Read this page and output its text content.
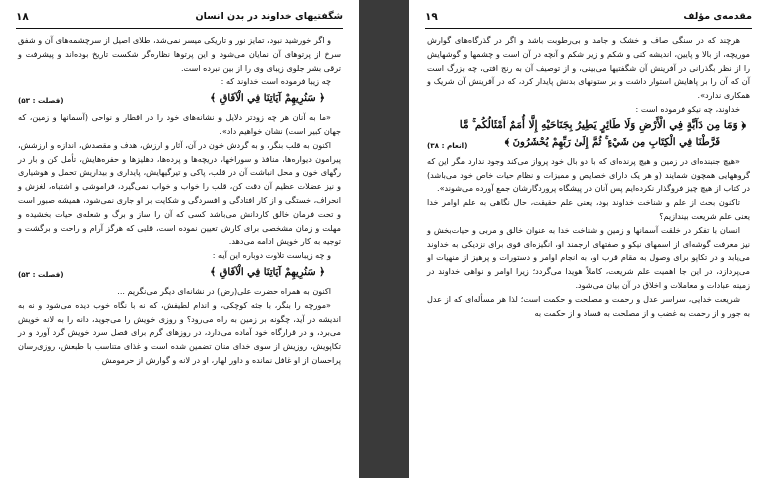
شگفتیهای خداوند در بدن انسان
۱۸

و اگر خورشید نبود، تمایز نور و تاریکی میسر نمی‌شد، طلای اصیل از سرچشمه‌های آن و شفق سرخ از پرتوهای آن نمایان می‌شود و این پرتوها نظاره‌گر شکست تاریخ بوده‌اند و پیشرفت و ترقی بشر جلوی زیبای وی را از بین نبرده است.

چه زیبا فرموده است خداوند که :

﴿ سَنُرِيهِمْ آيَاتِنَا فِي الْآفَاقِ ﴾
(فصلت : ۵۳)

«ما به آنان هر چه زودتر دلایل و نشانه‌های خود را در اقطار و نواحی (آسمانها و زمین، که جهان کبیر است) نشان خواهیم داد».

اکنون به قلب بنگر، و به گردش خون در آن، آثار و ارزش، هدف و مقصدش، اندازه و ارزشش، پیرامون دیواره‌ها، منافذ و سوراخها، دریچه‌ها و پرده‌ها، دهلیزها و حفره‌هایش، تأمل کن و بار در رگهای خون و محل انباشت آن در قلب، پاکی و تیرگیهایش، پایداری و بیداریش تحمل و هوشیاری و نیز عضلات عظیم آن دقت کن، قلب را خواب و خواب نمی‌گیرد، فراموشی و اشتباه، لغزش و انحراف، خستگی و از کار افتادگی و افسردگی و شکایت بر او جاری نمی‌شود، همیشه صبور است و تحت فرمان خالق کاردانش می‌باشد کسی که آن را ساز و برگ و شعله‌ی حیات بخشیده و مهلت و زمان مشخصی برای کارش تعیین نموده است، قلبی که هرگز آرام و راحت و برگشت و توجیه به کار خویش ادامه می‌دهد.

و چه زیباست تلاوت دوباره این آیه :

﴿ سَنُرِيهِمْ آيَاتِنَا فِي الْآفَاقِ ﴾
(فصلت : ۵۳)

اکنون به همراه حضرت علی(رض) در نشانه‌ای دیگر می‌نگریم ...

«مورچه را بنگر، با جثه کوچکی، و اندام لطیفش، که نه با نگاه خوب دیده می‌شود و نه به اندیشه در آید، چگونه بر زمین به راه می‌رود؟ و روزی خویش را می‌جوید، دانه را به لانه خویش می‌برد، و در قرارگاه خود آماده می‌دارد، در روزهای گرم برای فصل سرد خویش گرد آورد و در تکاپویش، روزیش از سوی خدای منان تضمین شده است و غذای متناسب با طبعش، روزی‌رسان پراحسان از او غافل نمانده و داور لهار، او در لانه و گوارش از حرمومش

مقدمه‌ی مؤلف
۱۹

هرچند که در سنگی صاف و خشک و جامد و بی‌رطوبت باشد و اگر در گذرگاه‌های گوارش موریچه، از بالا و پایین، اندیشه کنی و شکم و زیر شکم و آنچه در آن است و چشمها و گوشهایش را از نظر بگذرانی در آفرینش آن شگفتیها می‌بینی، و از توصیف آن به رنج افتی، چه بزرگ است آن که آن را بر پاهایش استوار داشت و بر ستونهای بدنش پایدار کرد، که در آفرینش آن شریک و همکاری ندارد».

خداوند، چه نیکو فرموده است :

﴿ وَمَا مِن دَآبَّةٍ فِي الْأَرْضِ وَلَا طَائِرٍ يَطِيرُ بِجَنَاحَيْهِ إِلَّا أُمَمٌ أَمْثَالُكُم ۚ مَّا
فَرَّطْنَا فِي الْكِتَابِ مِن شَيْءٍ ۚ ثُمَّ إِلَىٰ رَبِّهِمْ يُحْشَرُونَ ﴾
(انعام : ۳۸)

«هیچ جنبنده‌ای در زمین و هیچ پرنده‌ای که با دو بال خود پرواز می‌کند وجود ندارد مگر این که گروههایی همچون شمایند (و هر یک دارای خصایص و ممیزات و نظام حیات خاص خود می‌باشد) در کتاب از هیچ چیز فروگذار نکرده‌ایم پس آنان در پیشگاه پروردگارشان جمع آورده می‌شوند».

تاکنون بحث از علم و شناخت خداوند بود، یعنی علم حقیقت، حال نگاهی به علم اوامر خدا یعنی علم شریعت بیندازیم؟

انسان با تفکر در خلقت آسمانها و زمین و شناخت خدا به عنوان خالق و مربی و حیات‌بخش و نیز معرفت گوشه‌ای از اسمهای نیکو و صفتهای ارجمند او، انگیزه‌ای قوی برای نزدیکی به خداوند می‌یابد و در تکاپو برای وصول به مقام قرب او، به انجام اوامر و دستورات و پرهیز از منهیات او می‌پردازد، در این جا اهمیت علم شریعت، کاملاً هویدا می‌گردد؛ زیرا اوامر و نواهی خداوند در زمینه عبادات و معاملات و اخلاق در آن بیان می‌شود.

شریعت خدایی، سراسر عدل و رحمت و مصلحت و حکمت است؛ لذا هر مسأله‌ای که از عدل به جور و از رحمت به غضب و از مصلحت به فساد و از حکمت به
